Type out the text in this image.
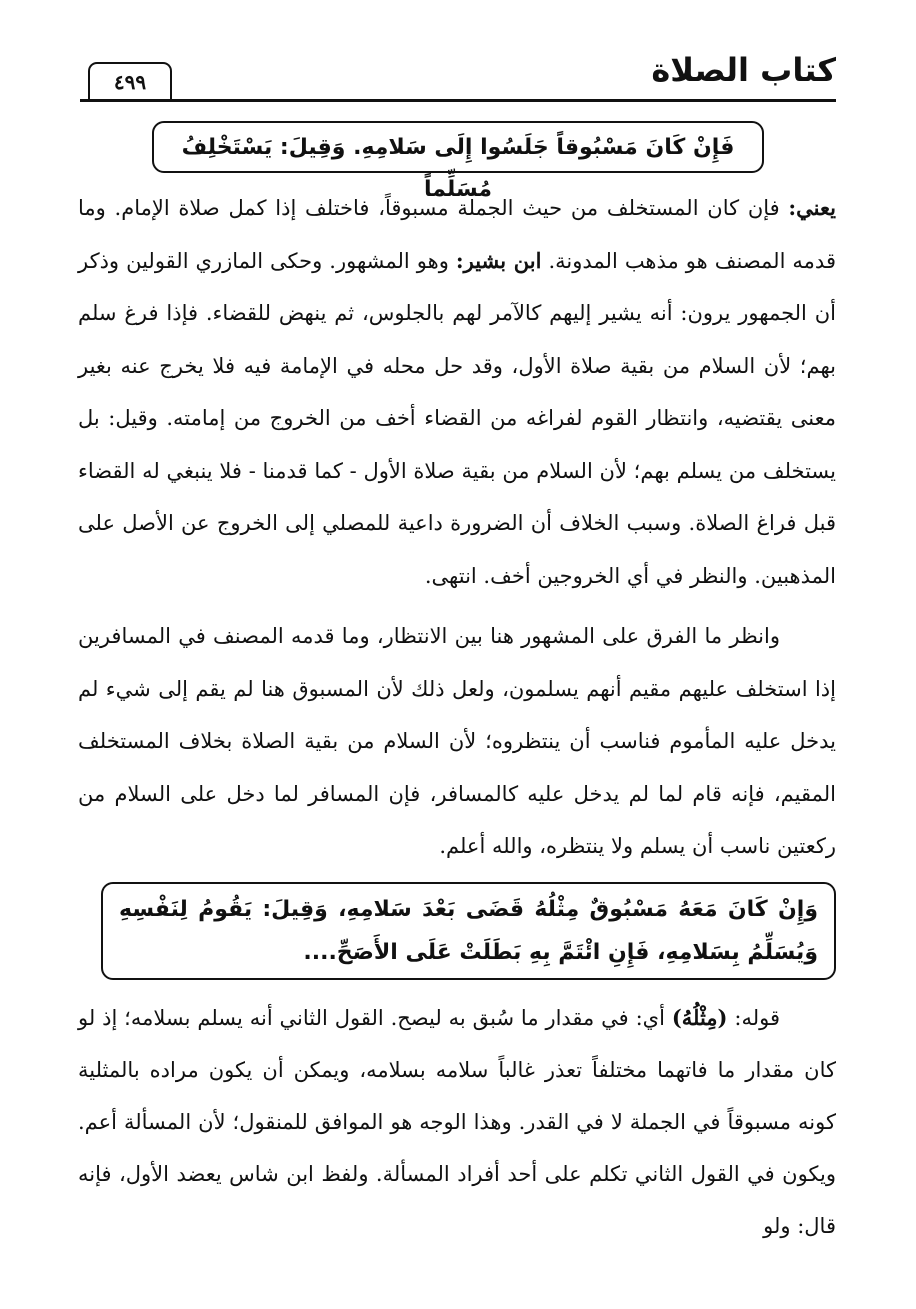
كتاب الصلاة
٤٩٩
فَإِنْ كَانَ مَسْبُوقاً جَلَسُوا إِلَى سَلامِهِ. وَقِيلَ: يَسْتَخْلِفُ مُسَلِّماً
يعني: فإن كان المستخلف من حيث الجملة مسبوقاً، فاختلف إذا كمل صلاة الإمام. وما قدمه المصنف هو مذهب المدونة. ابن بشير: وهو المشهور. وحكى المازري القولين وذكر أن الجمهور يرون: أنه يشير إليهم كالآمر لهم بالجلوس، ثم ينهض للقضاء. فإذا فرغ سلم بهم؛ لأن السلام من بقية صلاة الأول، وقد حل محله في الإمامة فيه فلا يخرج عنه بغير معنى يقتضيه، وانتظار القوم لفراغه من القضاء أخف من الخروج من إمامته. وقيل: بل يستخلف من يسلم بهم؛ لأن السلام من بقية صلاة الأول - كما قدمنا - فلا ينبغي له القضاء قبل فراغ الصلاة. وسبب الخلاف أن الضرورة داعية للمصلي إلى الخروج عن الأصل على المذهبين. والنظر في أي الخروجين أخف. انتهى.
وانظر ما الفرق على المشهور هنا بين الانتظار، وما قدمه المصنف في المسافرين إذا استخلف عليهم مقيم أنهم يسلمون، ولعل ذلك لأن المسبوق هنا لم يقم إلى شيء لم يدخل عليه المأموم فناسب أن ينتظروه؛ لأن السلام من بقية الصلاة بخلاف المستخلف المقيم، فإنه قام لما لم يدخل عليه كالمسافر، فإن المسافر لما دخل على السلام من ركعتين ناسب أن يسلم ولا ينتظره، والله أعلم.
وَإِنْ كَانَ مَعَهُ مَسْبُوقٌ مِثْلُهُ قَضَى بَعْدَ سَلامِهِ، وَقِيلَ: يَقُومُ لِنَفْسِهِ وَيُسَلِّمُ بِسَلامِهِ، فَإِنِ ائْتَمَّ بِهِ بَطَلَتْ عَلَى الأَصَحِّ....
قوله: (مِثْلُهُ) أي: في مقدار ما سُبق به ليصح. القول الثاني أنه يسلم بسلامه؛ إذ لو كان مقدار ما فاتهما مختلفاً تعذر غالباً سلامه بسلامه، ويمكن أن يكون مراده بالمثلية كونه مسبوقاً في الجملة لا في القدر. وهذا الوجه هو الموافق للمنقول؛ لأن المسألة أعم. ويكون في القول الثاني تكلم على أحد أفراد المسألة. ولفظ ابن شاس يعضد الأول، فإنه قال: ولو
